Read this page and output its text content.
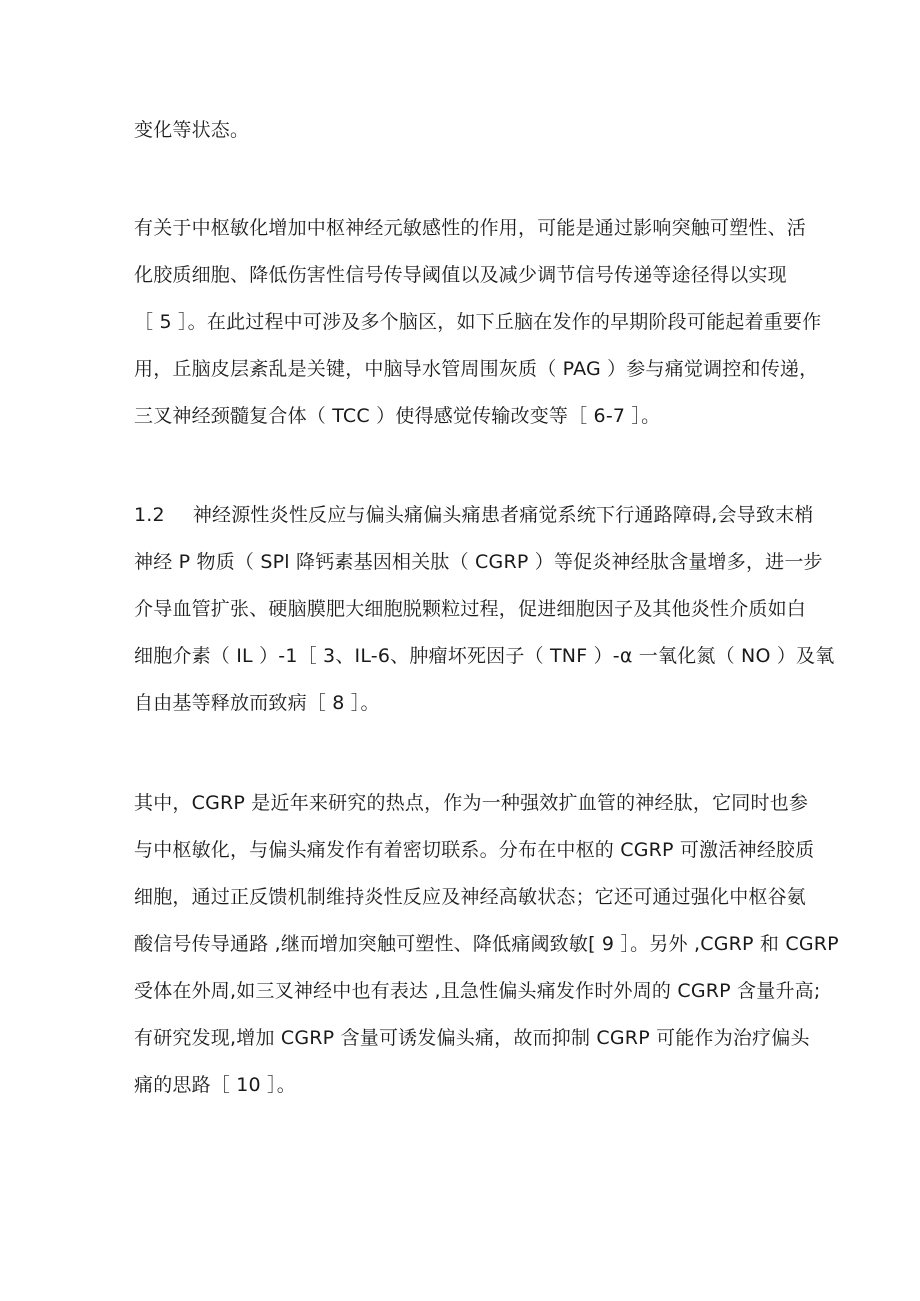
变化等状态。

有关于中枢敏化增加中枢神经元敏感性的作用，可能是通过影响突触可塑性、活
化胶质细胞、降低伤害性信号传导阈值以及减少调节信号传递等途径得以实现
［ 5 ］。在此过程中可涉及多个脑区，如下丘脑在发作的早期阶段可能起着重要作
用，丘脑皮层紊乱是关键，中脑导水管周围灰质（ PAG ）参与痛觉调控和传递，
三叉神经颈髓复合体（ TCC ）使得感觉传输改变等［ 6-7 ］。

1.2 神经源性炎性反应与偏头痛偏头痛患者痛觉系统下行通路障碍,会导致末梢
神经 P 物质（ SPl 降钙素基因相关肽（ CGRP ）等促炎神经肽含量增多，进一步
介导血管扩张、硬脑膜肥大细胞脱颗粒过程，促进细胞因子及其他炎性介质如白
细胞介素（ IL ）-1［ 3、IL-6、肿瘤坏死因子（ TNF ）-α 一氧化氮（ NO ）及氧
自由基等释放而致病［ 8 ］。

其中，CGRP 是近年来研究的热点，作为一种强效扩血管的神经肽，它同时也参
与中枢敏化，与偏头痛发作有着密切联系。分布在中枢的 CGRP 可激活神经胶质
细胞，通过正反馈机制维持炎性反应及神经高敏状态；它还可通过强化中枢谷氨
酸信号传导通路 ,继而增加突触可塑性、降低痛阈致敏[ 9 ］。另外 ,CGRP 和 CGRP
受体在外周,如三叉神经中也有表达 ,且急性偏头痛发作时外周的 CGRP 含量升高;
有研究发现,增加 CGRP 含量可诱发偏头痛，故而抑制 CGRP 可能作为治疗偏头
痛的思路［ 10 ］。
